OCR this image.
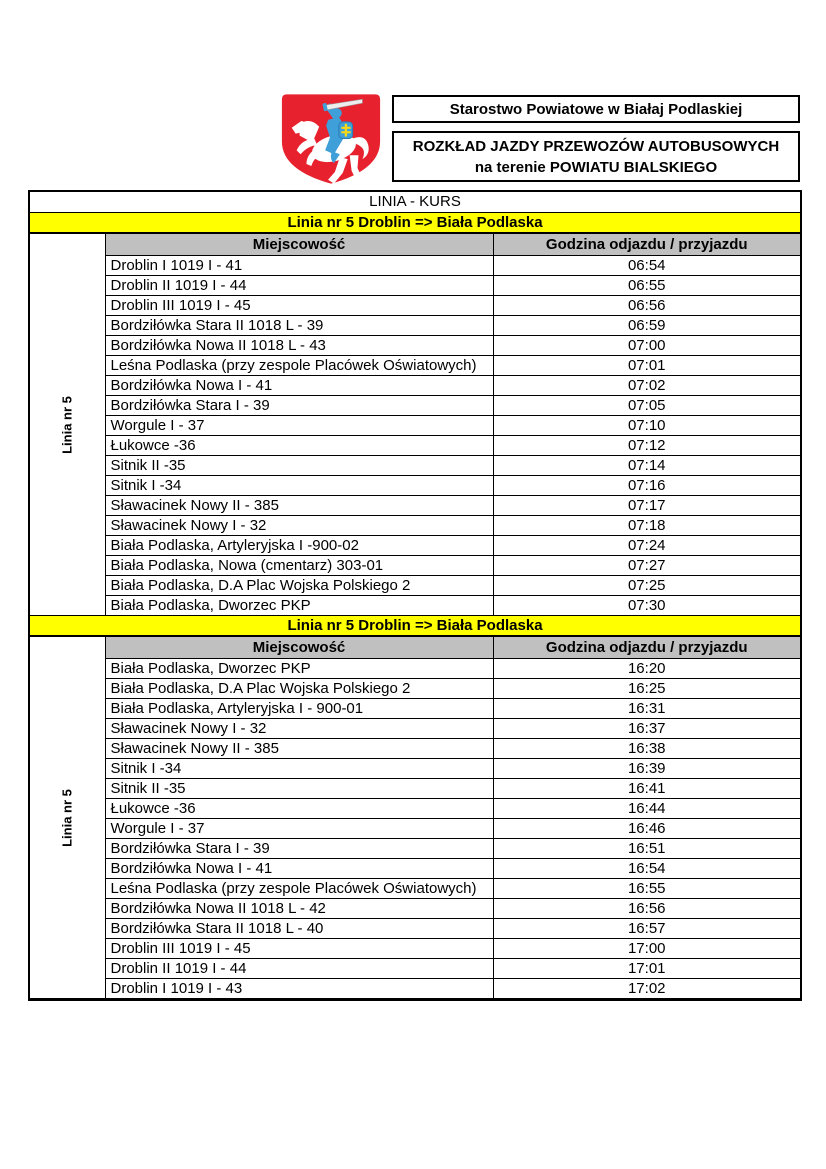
Starostwo Powiatowe w Białaj Podlaskiej
ROZKŁAD JAZDY PRZEWOZÓW AUTOBUSOWYCH
na terenie POWIATU BIALSKIEGO
LINIA - KURS
Linia nr 5 Droblin => Biała Podlaska
Linia nr 5	Miejscowość	Godzina odjazdu / przyjazdu
	Droblin I 1019 I - 41	06:54
	Droblin II 1019 I - 44	06:55
	Droblin III 1019 I - 45	06:56
	Bordziłówka Stara II 1018 L - 39	06:59
	Bordziłówka Nowa II 1018 L - 43	07:00
	Leśna Podlaska (przy zespole Placówek Oświatowych)	07:01
	Bordziłówka Nowa I - 41	07:02
	Bordziłówka Stara I - 39	07:05
	Worgule I - 37	07:10
	Łukowce -36	07:12
	Sitnik II -35	07:14
	Sitnik I -34	07:16
	Sławacinek Nowy II - 385	07:17
	Sławacinek Nowy I - 32	07:18
	Biała Podlaska, Artyleryjska I -900-02	07:24
	Biała Podlaska, Nowa (cmentarz) 303-01	07:27
	Biała Podlaska, D.A Plac Wojska Polskiego 2	07:25
	Biała Podlaska, Dworzec PKP	07:30
Linia nr 5 Droblin => Biała Podlaska
Linia nr 5	Miejscowość	Godzina odjazdu / przyjazdu
	Biała Podlaska, Dworzec PKP	16:20
	Biała Podlaska, D.A Plac Wojska Polskiego 2	16:25
	Biała Podlaska, Artyleryjska I - 900-01	16:31
	Sławacinek Nowy I - 32	16:37
	Sławacinek Nowy II - 385	16:38
	Sitnik I -34	16:39
	Sitnik II -35	16:41
	Łukowce -36	16:44
	Worgule I - 37	16:46
	Bordziłówka Stara I - 39	16:51
	Bordziłówka Nowa I - 41	16:54
	Leśna Podlaska (przy zespole Placówek Oświatowych)	16:55
	Bordziłówka Nowa II 1018 L - 42	16:56
	Bordziłówka Stara II 1018 L - 40	16:57
	Droblin III 1019 I - 45	17:00
	Droblin II 1019 I - 44	17:01
	Droblin I 1019 I - 43	17:02
